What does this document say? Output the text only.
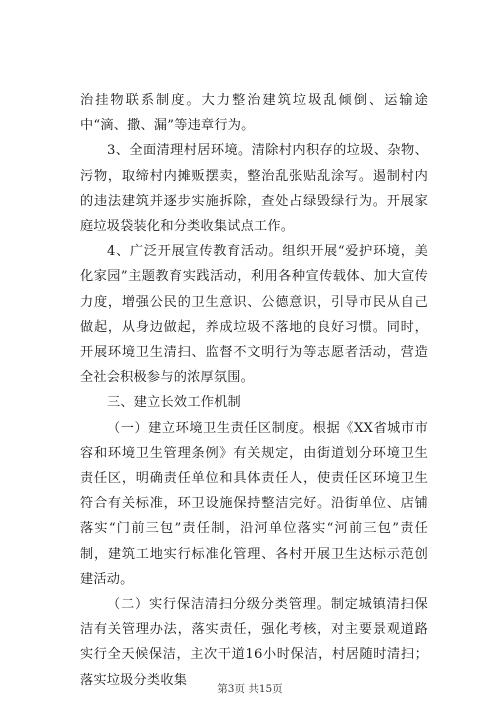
治挂物联系制度。大力整治建筑垃圾乱倾倒、运输途中“滴、撒、漏”等违章行为。

3、全面清理村居环境。清除村内积存的垃圾、杂物、污物，取缔村内摊贩摆卖，整治乱张贴乱涂写。遏制村内的违法建筑并逐步实施拆除，查处占绿毁绿行为。开展家庭垃圾袋装化和分类收集试点工作。

4、广泛开展宣传教育活动。组织开展“爱护环境，美化家园”主题教育实践活动，利用各种宣传载体、加大宣传力度，增强公民的卫生意识、公德意识，引导市民从自己做起，从身边做起，养成垃圾不落地的良好习惯。同时，开展环境卫生清扫、监督不文明行为等志愿者活动，营造全社会积极参与的浓厚氛围。

三、建立长效工作机制

（一）建立环境卫生责任区制度。根据《XX省城市市容和环境卫生管理条例》有关规定，由街道划分环境卫生责任区，明确责任单位和具体责任人，使责任区环境卫生符合有关标准，环卫设施保持整洁完好。沿街单位、店铺落实“门前三包”责任制，沿河单位落实“河前三包”责任制，建筑工地实行标准化管理、各村开展卫生达标示范创建活动。

（二）实行保洁清扫分级分类管理。制定城镇清扫保洁有关管理办法，落实责任，强化考核，对主要景观道路实行全天候保洁，主次干道16小时保洁，村居随时清扫；落实垃圾分类收集

第3页 共15页
